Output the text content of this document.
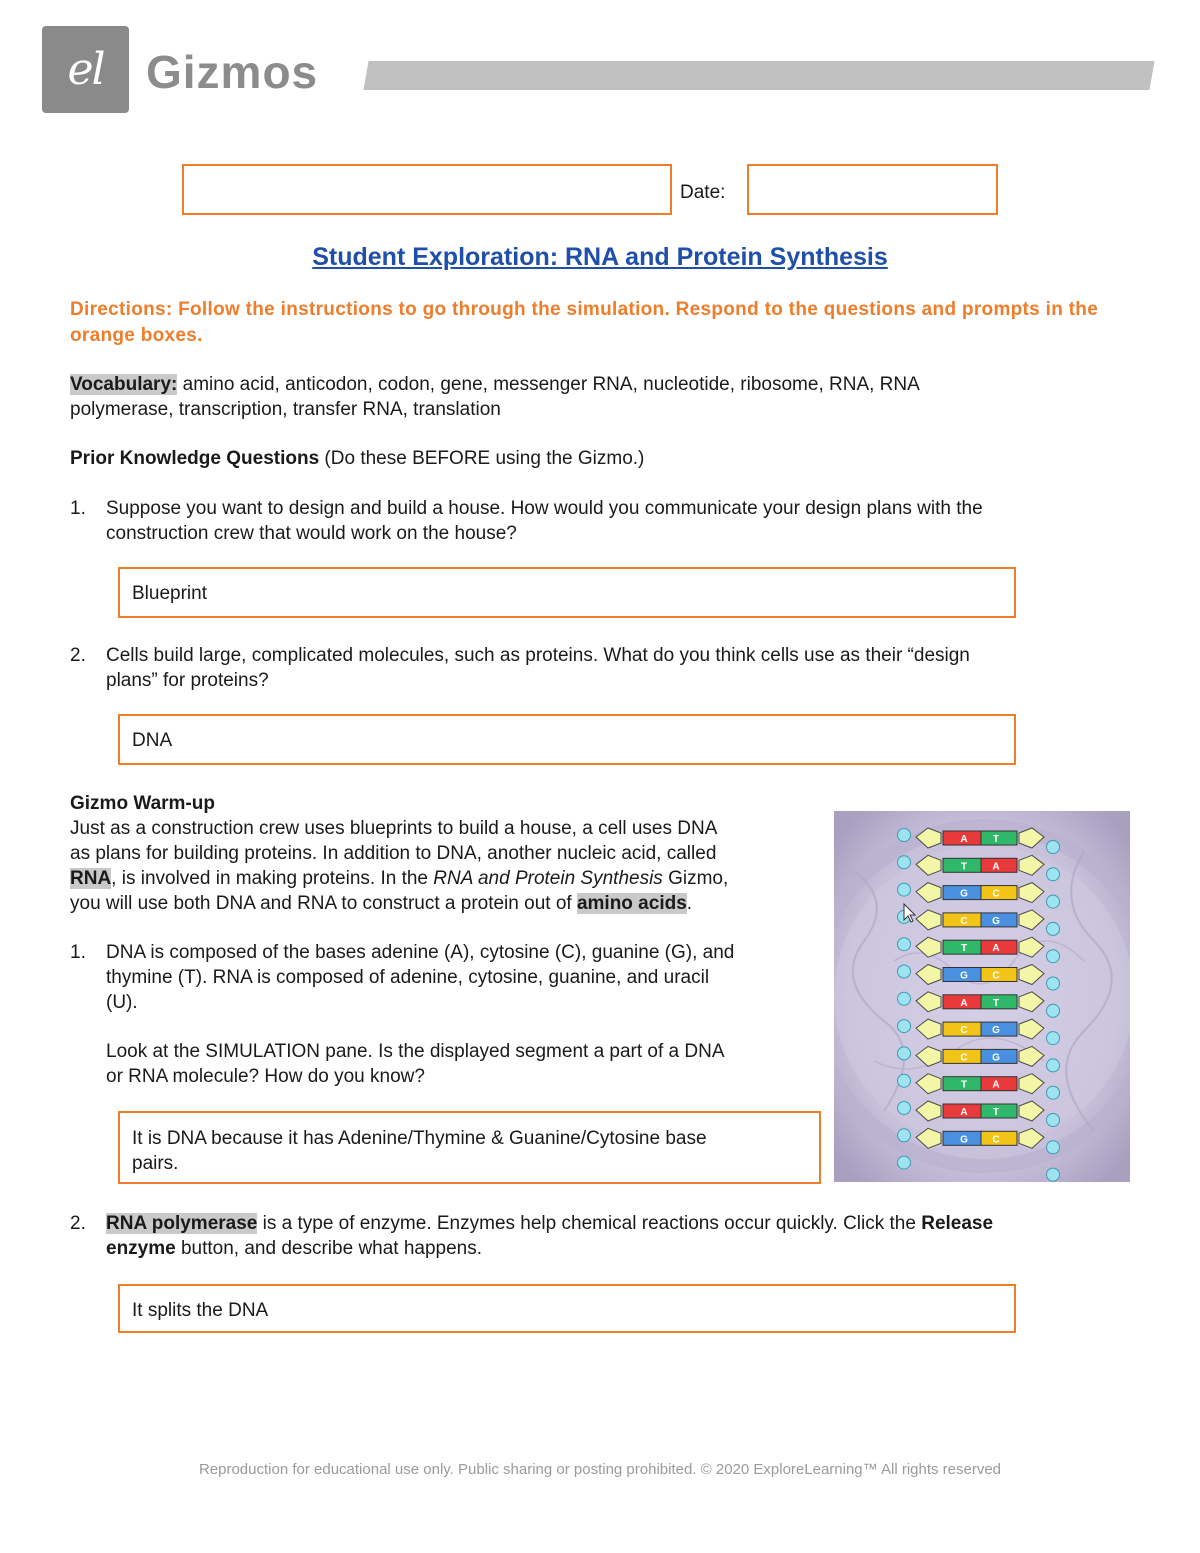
el Gizmos
Date:
Student Exploration: RNA and Protein Synthesis
Directions: Follow the instructions to go through the simulation. Respond to the questions and prompts in the orange boxes.
Vocabulary: amino acid, anticodon, codon, gene, messenger RNA, nucleotide, ribosome, RNA, RNA
polymerase, transcription, transfer RNA, translation
Prior Knowledge Questions (Do these BEFORE using the Gizmo.)
1.	Suppose you want to design and build a house. How would you communicate your design plans with the
construction crew that would work on the house?
Blueprint
2.	Cells build large, complicated molecules, such as proteins. What do you think cells use as their “design
plans” for proteins?
DNA
Gizmo Warm-up
Just as a construction crew uses blueprints to build a house, a cell uses DNA
as plans for building proteins. In addition to DNA, another nucleic acid, called
RNA, is involved in making proteins. In the RNA and Protein Synthesis Gizmo,
you will use both DNA and RNA to construct a protein out of amino acids.
1.	DNA is composed of the bases adenine (A), cytosine (C), guanine (G), and
thymine (T). RNA is composed of adenine, cytosine, guanine, and uracil
(U).
Look at the SIMULATION pane. Is the displayed segment a part of a DNA
or RNA molecule? How do you know?
It is DNA because it has Adenine/Thymine & Guanine/Cytosine base
pairs.
2.	RNA polymerase is a type of enzyme. Enzymes help chemical reactions occur quickly. Click the Release
enzyme button, and describe what happens.
It splits the DNA
A	T
T	A
G C
C G
T	A
G C
A	T
C G
C G
T	A
A	T
G C
Reproduction for educational use only. Public sharing or posting prohibited. © 2020 ExploreLearning™ All rights reserved
